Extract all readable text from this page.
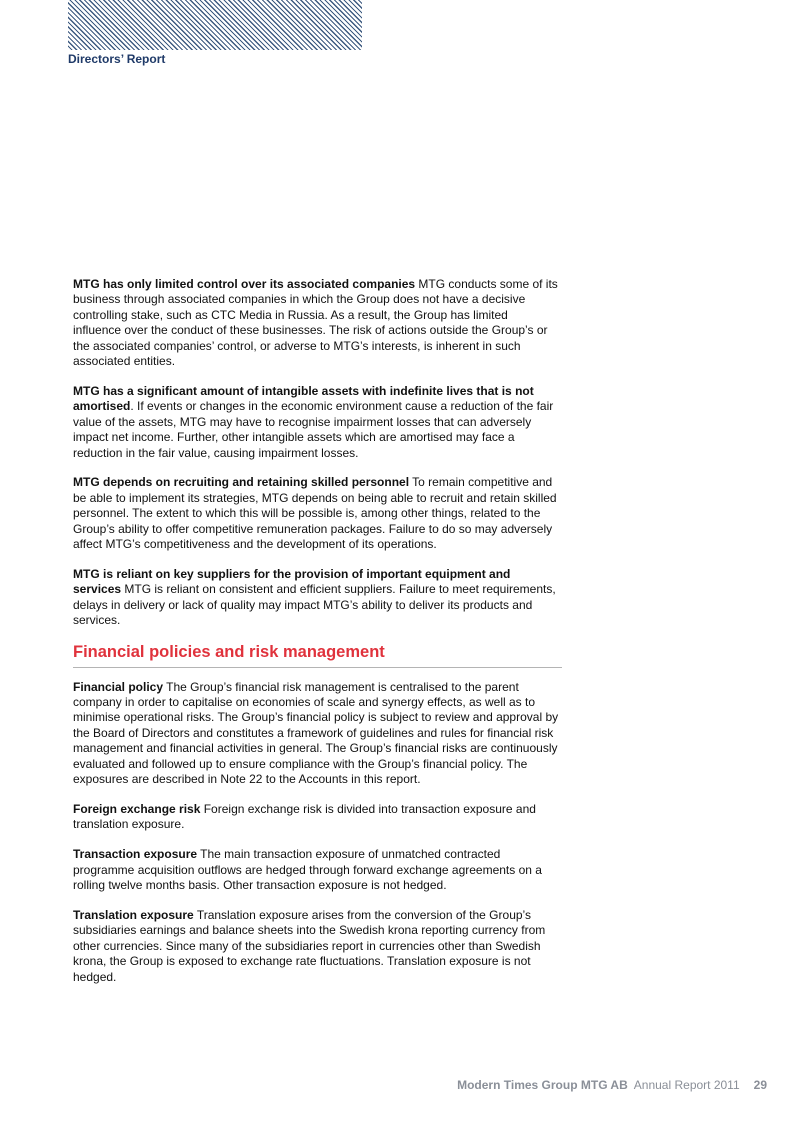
Directors’ Report

MTG has only limited control over its associated companies MTG conducts some of its business through associated companies in which the Group does not have a decisive controlling stake, such as CTC Media in Russia. As a result, the Group has limited influence over the conduct of these businesses. The risk of actions outside the Group’s or the associated companies’ control, or adverse to MTG’s interests, is inherent in such associated entities.

MTG has a significant amount of intangible assets with indefinite lives that is not amortised. If events or changes in the economic environment cause a reduction of the fair value of the assets, MTG may have to recognise impairment losses that can adversely impact net income. Further, other intangible assets which are amortised may face a reduction in the fair value, causing impairment losses.

MTG depends on recruiting and retaining skilled personnel To remain competitive and be able to implement its strategies, MTG depends on being able to recruit and retain skilled personnel. The extent to which this will be possible is, among other things, related to the Group’s ability to offer competitive remuneration packages. Failure to do so may adversely affect MTG’s competitiveness and the development of its operations.

MTG is reliant on key suppliers for the provision of important equipment and services MTG is reliant on consistent and efficient suppliers. Failure to meet requirements, delays in delivery or lack of quality may impact MTG’s ability to deliver its products and services.

Financial policies and risk management

Financial policy The Group’s financial risk management is centralised to the parent company in order to capitalise on economies of scale and synergy effects, as well as to minimise operational risks. The Group’s financial policy is subject to review and approval by the Board of Directors and constitutes a framework of guidelines and rules for financial risk management and financial activities in general. The Group’s financial risks are continuously evaluated and followed up to ensure compliance with the Group’s financial policy. The exposures are described in Note 22 to the Accounts in this report.

Foreign exchange risk Foreign exchange risk is divided into transaction exposure and translation exposure.

Transaction exposure The main transaction exposure of unmatched contracted programme acquisition outflows are hedged through forward exchange agreements on a rolling twelve months basis. Other transaction exposure is not hedged.

Translation exposure Translation exposure arises from the conversion of the Group’s subsidiaries earnings and balance sheets into the Swedish krona reporting currency from other currencies. Since many of the subsidiaries report in currencies other than Swedish krona, the Group is exposed to exchange rate fluctuations. Translation exposure is not hedged.

Modern Times Group MTG AB Annual Report 2011 29
